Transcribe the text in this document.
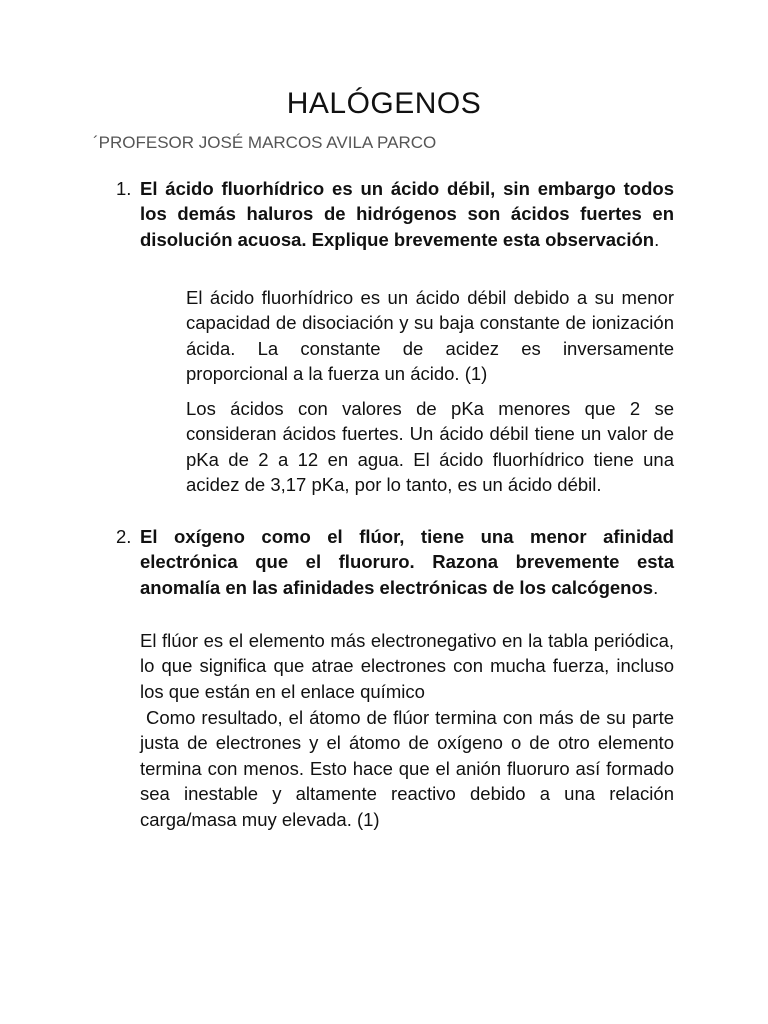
HALÓGENOS
´PROFESOR JOSÉ MARCOS AVILA PARCO
1. El ácido fluorhídrico es un ácido débil, sin embargo todos los demás haluros de hidrógenos son ácidos fuertes en disolución acuosa. Explique brevemente esta observación.
El ácido fluorhídrico es un ácido débil debido a su menor capacidad de disociación y su baja constante de ionización ácida. La constante de acidez es inversamente proporcional a la fuerza un ácido. (1)
Los ácidos con valores de pKa menores que 2 se consideran ácidos fuertes. Un ácido débil tiene un valor de pKa de 2 a 12 en agua. El ácido fluorhídrico tiene una acidez de 3,17 pKa, por lo tanto, es un ácido débil.
2. El oxígeno como el flúor, tiene una menor afinidad electrónica que el fluoruro. Razona brevemente esta anomalía en las afinidades electrónicas de los calcógenos.
El flúor es el elemento más electronegativo en la tabla periódica, lo que significa que atrae electrones con mucha fuerza, incluso los que están en el enlace químico
Como resultado, el átomo de flúor termina con más de su parte justa de electrones y el átomo de oxígeno o de otro elemento termina con menos. Esto hace que el anión fluoruro así formado sea inestable y altamente reactivo debido a una relación carga/masa muy elevada. (1)
